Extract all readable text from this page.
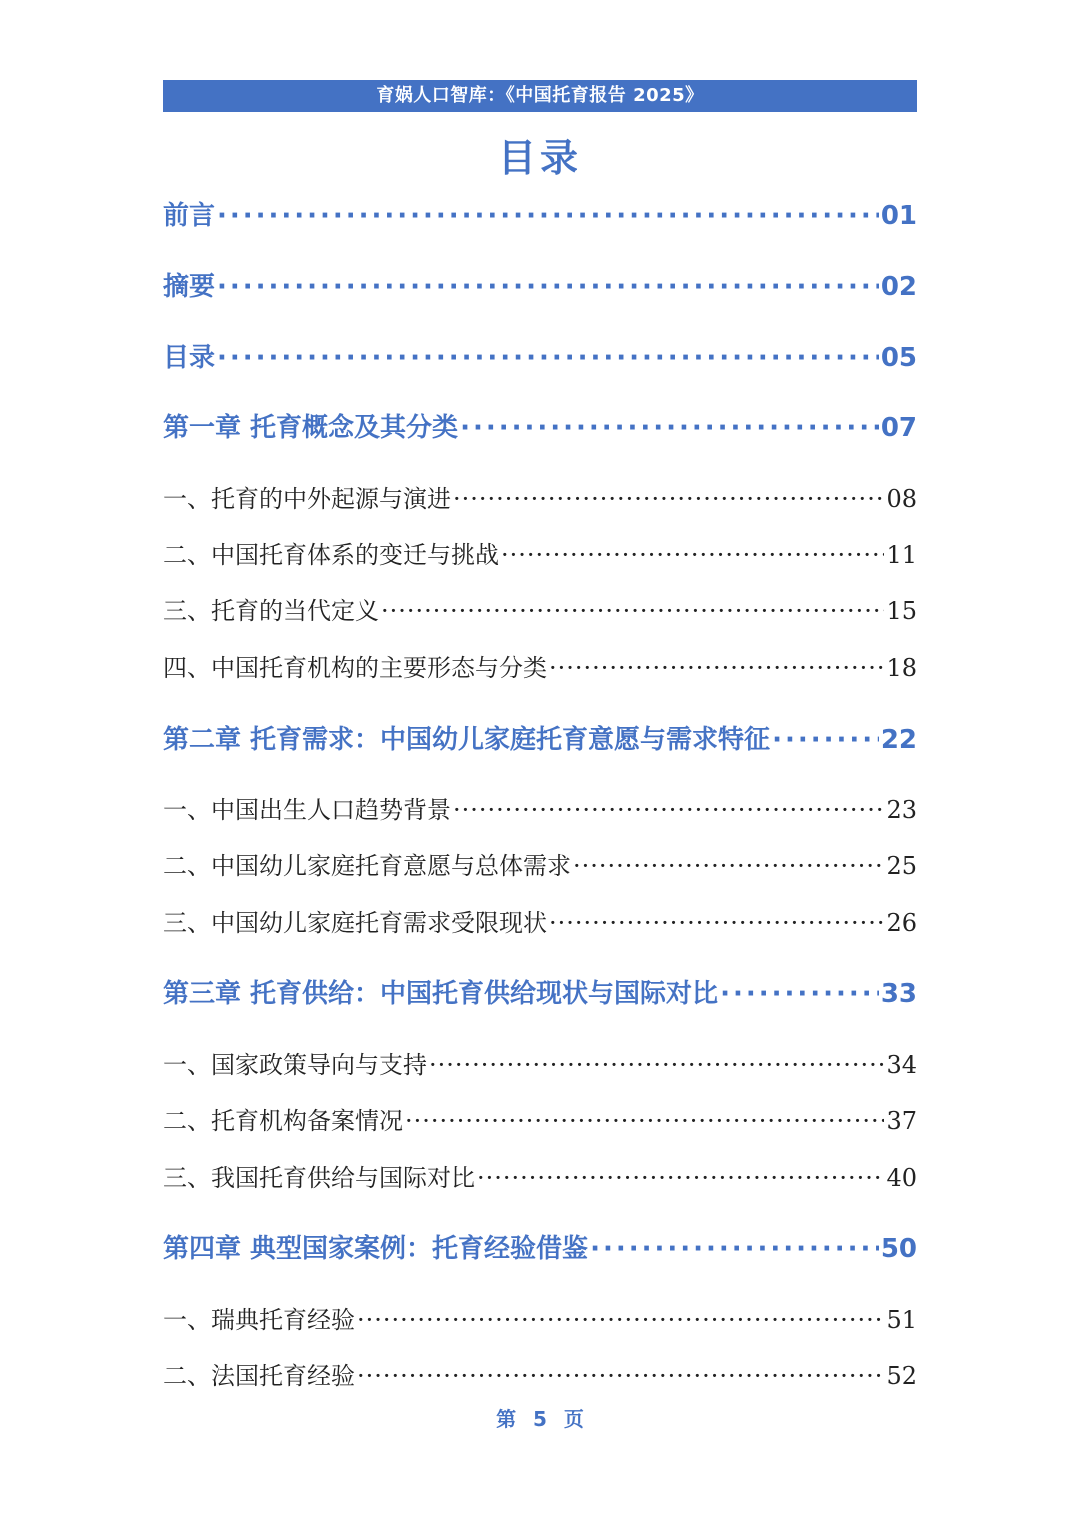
育娲人口智库：《中国托育报告 2025》
目录
前言 ·····	01
摘要 ·····	02
目录 ·····	05
第一章 托育概念及其分类 ·····	07
一、托育的中外起源与演进 ·····	08
二、中国托育体系的变迁与挑战 ·····	11
三、托育的当代定义 ·····	15
四、中国托育机构的主要形态与分类 ·····	18
第二章 托育需求：中国幼儿家庭托育意愿与需求特征 ·····	22
一、中国出生人口趋势背景 ·····	23
二、中国幼儿家庭托育意愿与总体需求 ·····	25
三、中国幼儿家庭托育需求受限现状 ·····	26
第三章 托育供给：中国托育供给现状与国际对比 ·····	33
一、国家政策导向与支持 ·····	34
二、托育机构备案情况 ·····	37
三、我国托育供给与国际对比 ·····	40
第四章 典型国家案例：托育经验借鉴 ·····	50
一、瑞典托育经验 ·····	51
二、法国托育经验 ·····	52
第 5 页
